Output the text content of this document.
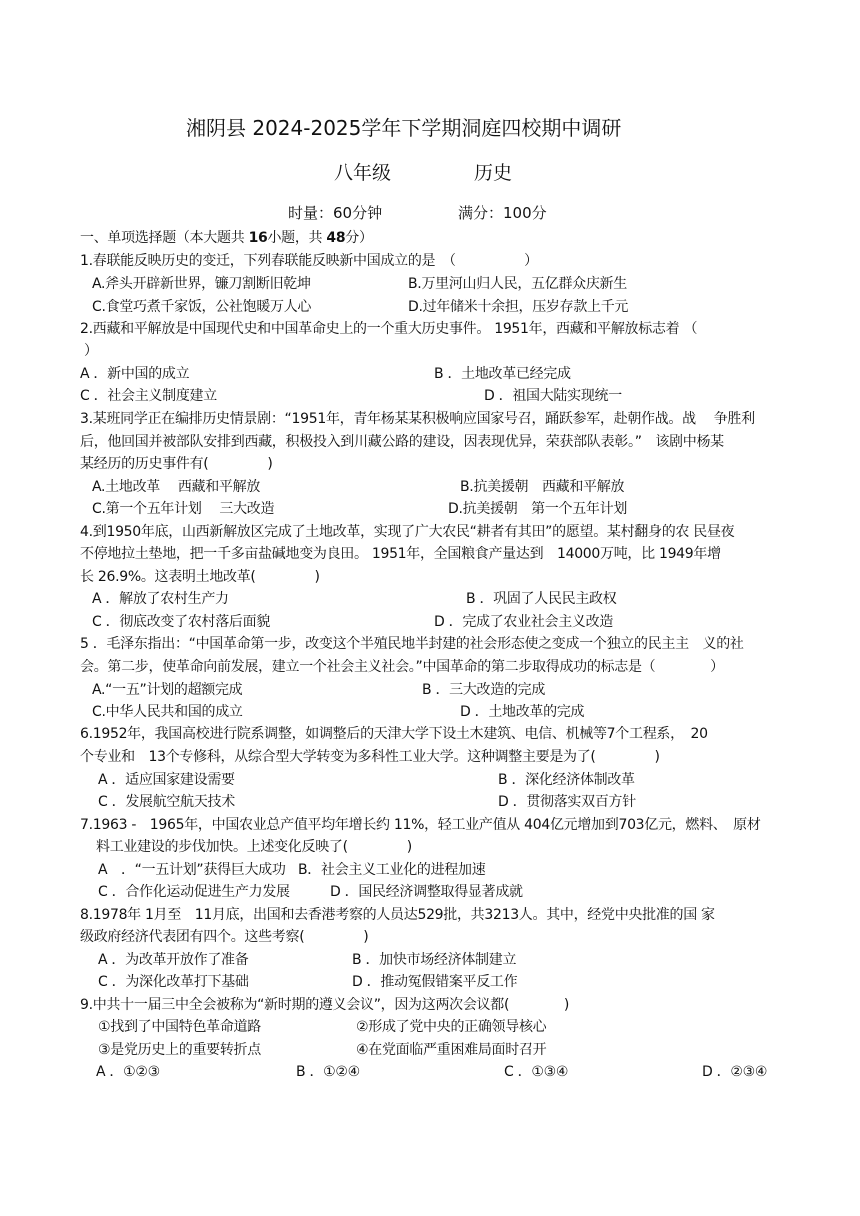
湘阴县 2024-2025学年下学期洞庭四校期中调研
八年级	历史
时量：60分钟	满分：100分
一、单项选择题（本大题共 16小题，共 48分）
1.春联能反映历史的变迁，下列春联能反映新中国成立的是　（　　　　　）
A.斧头开辟新世界，镰刀割断旧乾坤	B.万里河山归人民，五亿群众庆新生
C.食堂巧煮千家饭，公社饱暖万人心	D.过年储米十余担，压岁存款上千元
2.西藏和平解放是中国现代史和中国革命史上的一个重大历史事件。 1951年，西藏和平解放标志着 （
）
A ．新中国的成立	B ．土地改革已经完成
C ．社会主义制度建立	D ．祖国大陆实现统一
3.某班同学正在编排历史情景剧：“1951年，青年杨某某积极响应国家号召，踊跃参军，赴朝作战。战　 争胜利
后，他回国并被部队安排到西藏，积极投入到川藏公路的建设，因表现优异，荣获部队表彰。”　该剧中杨某
某经历的历史事件有(　　　　 )
A.土地改革　 西藏和平解放	B.抗美援朝　西藏和平解放
C.第一个五年计划　 三大改造	D.抗美援朝　第一个五年计划
4.到1950年底，山西新解放区完成了土地改革，实现了广大农民“耕者有其田”的愿望。某村翻身的农 民昼夜
不停地拉土垫地，把一千多亩盐碱地变为良田。 1951年，全国粮食产量达到　14000万吨，比 1949年增
长 26.9%。这表明土地改革(　　　　 )
A ．解放了农村生产力	B ．巩固了人民民主政权
C ．彻底改变了农村落后面貌	D ．完成了农业社会主义改造
5 ．毛泽东指出：“中国革命第一步，改变这个半殖民地半封建的社会形态使之变成一个独立的民主主　义的社
会。第二步，使革命向前发展，建立一个社会主义社会。”中国革命的第二步取得成功的标志是（　　　　）
A.“一五”计划的超额完成	B ．三大改造的完成
C.中华人民共和国的成立	D ．土地改革的完成
6.1952年，我国高校进行院系调整，如调整后的天津大学下设土木建筑、电信、机械等7个工程系，　20
个专业和　13个专修科，从综合型大学转变为多科性工业大学。这种调整主要是为了(　　　　 )
A ．适应国家建设需要	B ．深化经济体制改革
C ．发展航空航天技术	D ．贯彻落实双百方针
7.1963 -　1965年，中国农业总产值平均年增长约 11%，轻工业产值从 404亿元增加到703亿元，燃料、　原材
料工业建设的步伐加快。上述变化反映了(　　　　 )
A　．“一五计划”获得巨大成功 B．社会主义工业化的进程加速
C ．合作化运动促进生产力发展	D ．国民经济调整取得显著成就
8.1978年 1月至　11月底，出国和去香港考察的人员达529批，共3213人。其中，经党中央批准的国 家
级政府经济代表团有四个。这些考察(　　　　 )
A ．为改革开放作了准备	B ．加快市场经济体制建立
C ．为深化改革打下基础	D ．推动冤假错案平反工作
9.中共十一届三中全会被称为“新时期的遵义会议”，因为这两次会议都(　　　　)
①找到了中国特色革命道路	②形成了党中央的正确领导核心
③是党历史上的重要转折点	④在党面临严重困难局面时召开
A ．①②③	B ．①②④	C ．①③④	D ．②③④
